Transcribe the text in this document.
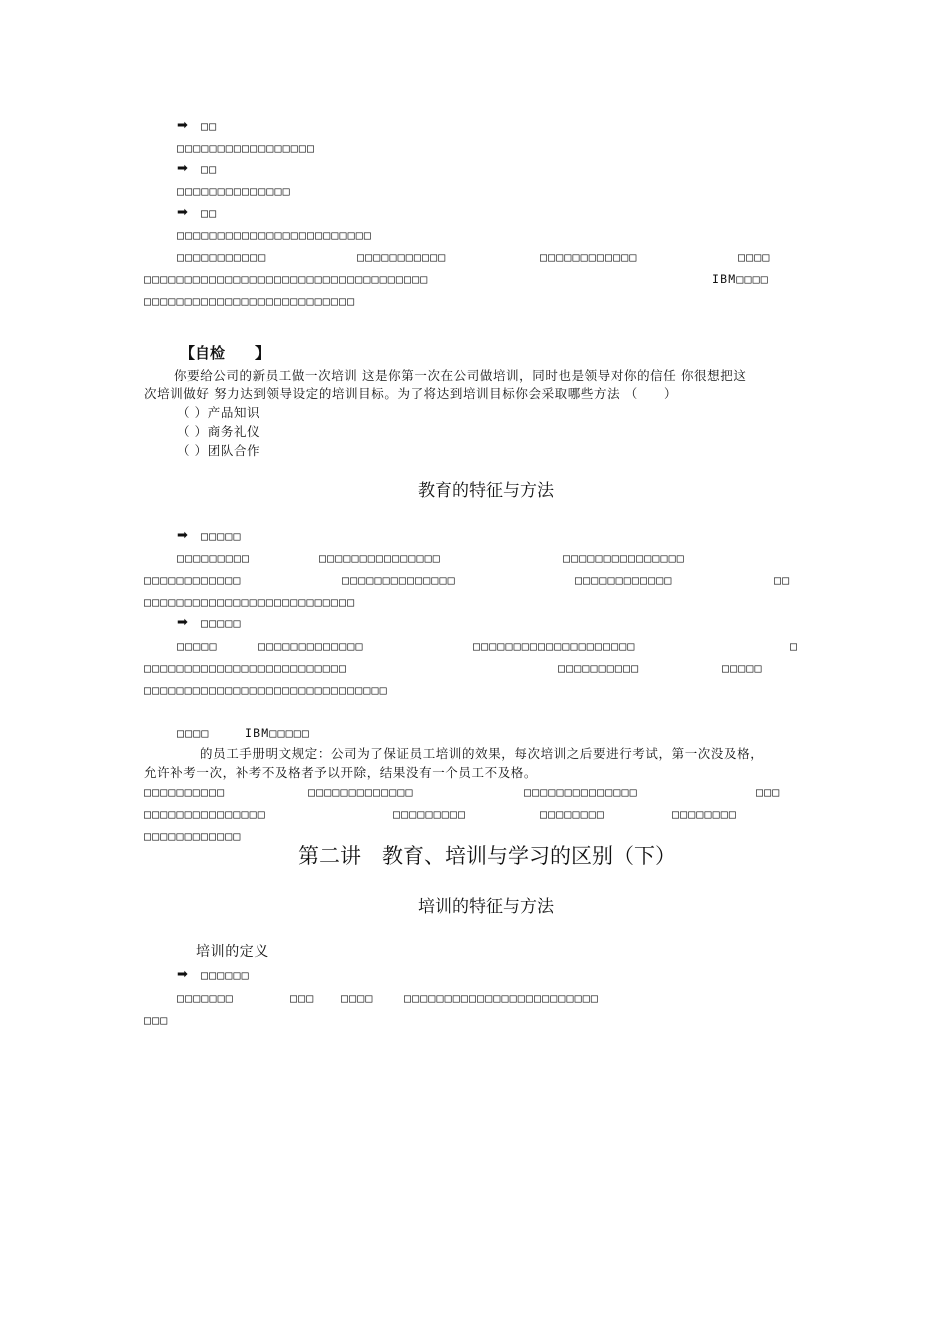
➡ □□
□□□□□□□□□□□□□□□□□
➡ □□
□□□□□□□□□□□□□□
➡ □□
□□□□□□□□□□□□□□□□□□□□□□□□
□□□□□□□□□□□	□□□□□□□□□□□	□□□□□□□□□□□□	□□□□
□□□□□□□□□□□□□□□□□□□□□□□□□□□□□□□□□□□	IBM□□□□
□□□□□□□□□□□□□□□□□□□□□□□□□□
【自检　　】
你要给公司的新员工做一次培训 这是你第一次在公司做培训，同时也是领导对你的信任 你很想把这
次培训做好 努力达到领导设定的培训目标。为了将达到培训目标你会采取哪些方法 （　　）
（ ）产品知识
（ ）商务礼仪
（ ）团队合作
教育的特征与方法
➡ □□□□□
□□□□□□□□□	□□□□□□□□□□□□□□□	□□□□□□□□□□□□□□□
□□□□□□□□□□□□	□□□□□□□□□□□□□□	□□□□□□□□□□□□	□□
□□□□□□□□□□□□□□□□□□□□□□□□□□
➡ □□□□□
□□□□□	□□□□□□□□□□□□□	□□□□□□□□□□□□□□□□□□□□	□
□□□□□□□□□□□□□□□□□□□□□□□□□	□□□□□□□□□□	□□□□□
□□□□□□□□□□□□□□□□□□□□□□□□□□□□□□
□□□□	IBM□□□□□
的员工手册明文规定：公司为了保证员工培训的效果，每次培训之后要进行考试，第一次没及格，
允许补考一次，补考不及格者予以开除，结果没有一个员工不及格。
□□□□□□□□□□	□□□□□□□□□□□□□	□□□□□□□□□□□□□□	□□□
□□□□□□□□□□□□□□□	□□□□□□□□□	□□□□□□□□	□□□□□□□□
□□□□□□□□□□□□
第二讲　教育、培训与学习的区别（下）
培训的特征与方法
培训的定义
➡ □□□□□□
□□□□□□□	□□□ □□□□	□□□□□□□□□□□□□□□□□□□□□□□□
□□□
